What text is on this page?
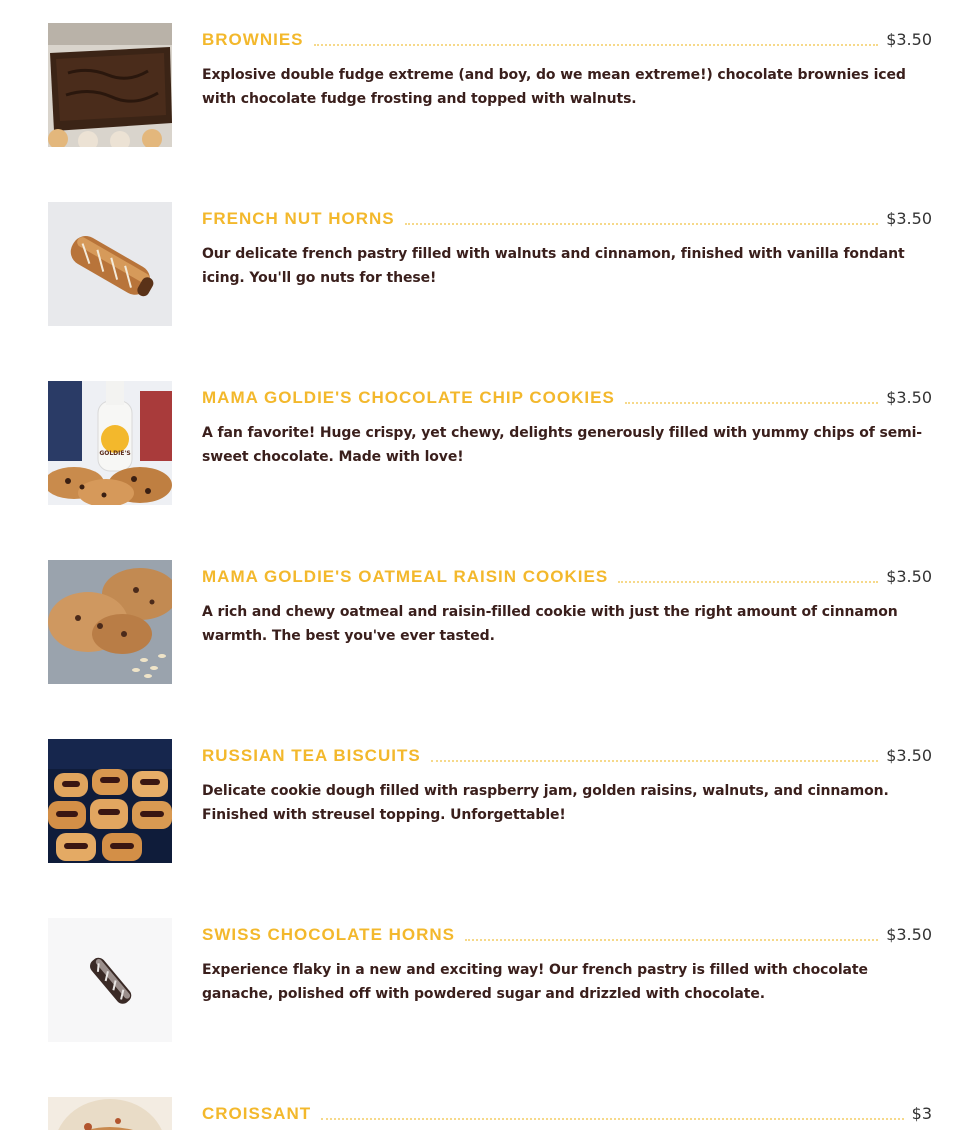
BROWNIES	$3.50
Explosive double fudge extreme (and boy, do we mean extreme!) chocolate brownies iced with chocolate fudge frosting and topped with walnuts.
FRENCH NUT HORNS	$3.50
Our delicate french pastry filled with walnuts and cinnamon, finished with vanilla fondant icing. You'll go nuts for these!
GOLDIE'S
MAMA GOLDIE'S CHOCOLATE CHIP COOKIES	$3.50
A fan favorite! Huge crispy, yet chewy, delights generously filled with yummy chips of semi-sweet chocolate. Made with love!
MAMA GOLDIE'S OATMEAL RAISIN COOKIES	$3.50
A rich and chewy oatmeal and raisin-filled cookie with just the right amount of cinnamon warmth. The best you've ever tasted.
RUSSIAN TEA BISCUITS	$3.50
Delicate cookie dough filled with raspberry jam, golden raisins, walnuts, and cinnamon. Finished with streusel topping. Unforgettable!
SWISS CHOCOLATE HORNS	$3.50
Experience flaky in a new and exciting way! Our french pastry is filled with chocolate ganache, polished off with powdered sugar and drizzled with chocolate.
CROISSANT	$3
